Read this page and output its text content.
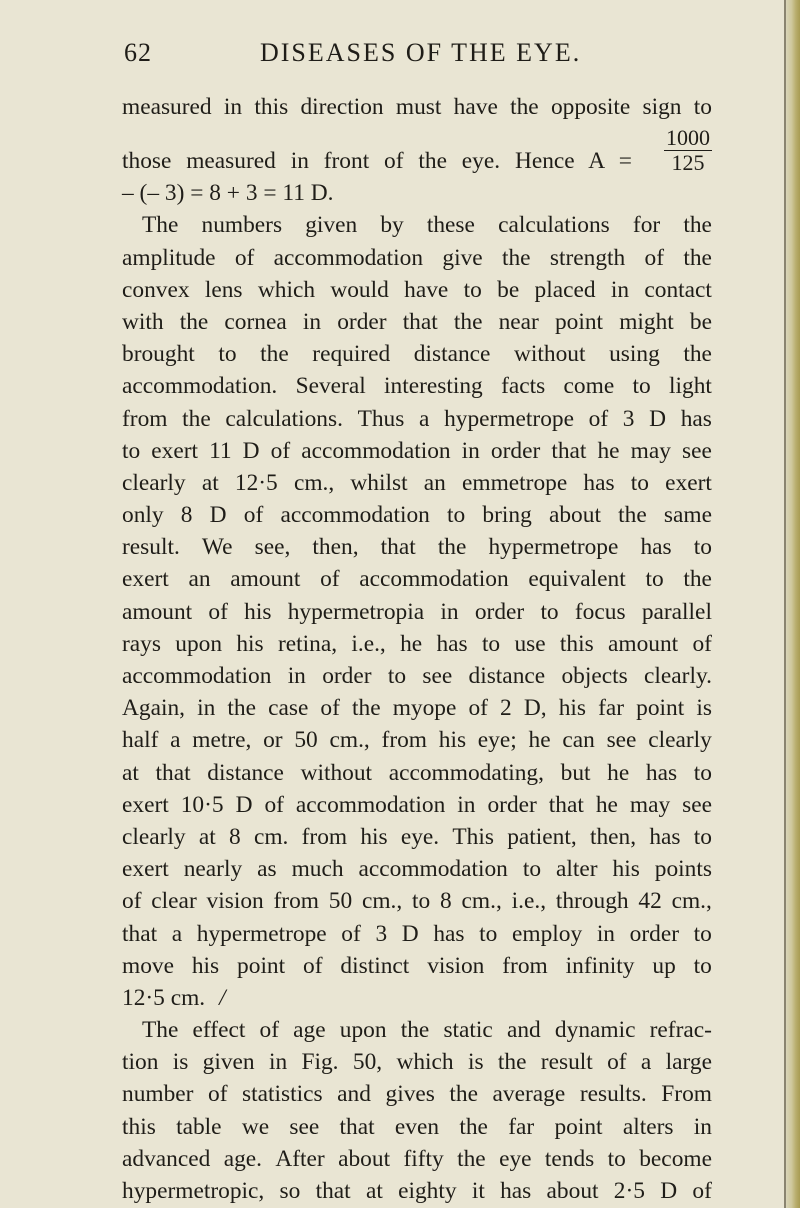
62	DISEASES OF THE EYE.
measured in this direction must have the opposite sign to
those measured in front of the eye. Hence $A = \frac{1000}{125}$
– (– 3) = 8 + 3 = 11 D.
The numbers given by these calculations for the
amplitude of accommodation give the strength of the
convex lens which would have to be placed in contact
with the cornea in order that the near point might be
brought to the required distance without using the
accommodation. Several interesting facts come to light
from the calculations. Thus a hypermetrope of 3 D has
to exert 11 D of accommodation in order that he may see
clearly at 12·5 cm., whilst an emmetrope has to exert
only 8 D of accommodation to bring about the same
result. We see, then, that the hypermetrope has to
exert an amount of accommodation equivalent to the
amount of his hypermetropia in order to focus parallel
rays upon his retina, i.e., he has to use this amount of
accommodation in order to see distance objects clearly.
Again, in the case of the myope of 2 D, his far point is
half a metre, or 50 cm., from his eye; he can see clearly
at that distance without accommodating, but he has to
exert 10·5 D of accommodation in order that he may see
clearly at 8 cm. from his eye. This patient, then, has to
exert nearly as much accommodation to alter his points
of clear vision from 50 cm., to 8 cm., i.e., through 42 cm.,
that a hypermetrope of 3 D has to employ in order to
move his point of distinct vision from infinity up to
12·5 cm. /
The effect of age upon the static and dynamic refrac-
tion is given in Fig. 50, which is the result of a large
number of statistics and gives the average results. From
this table we see that even the far point alters in
advanced age. After about fifty the eye tends to become
hypermetropic, so that at eighty it has about 2·5 D of
